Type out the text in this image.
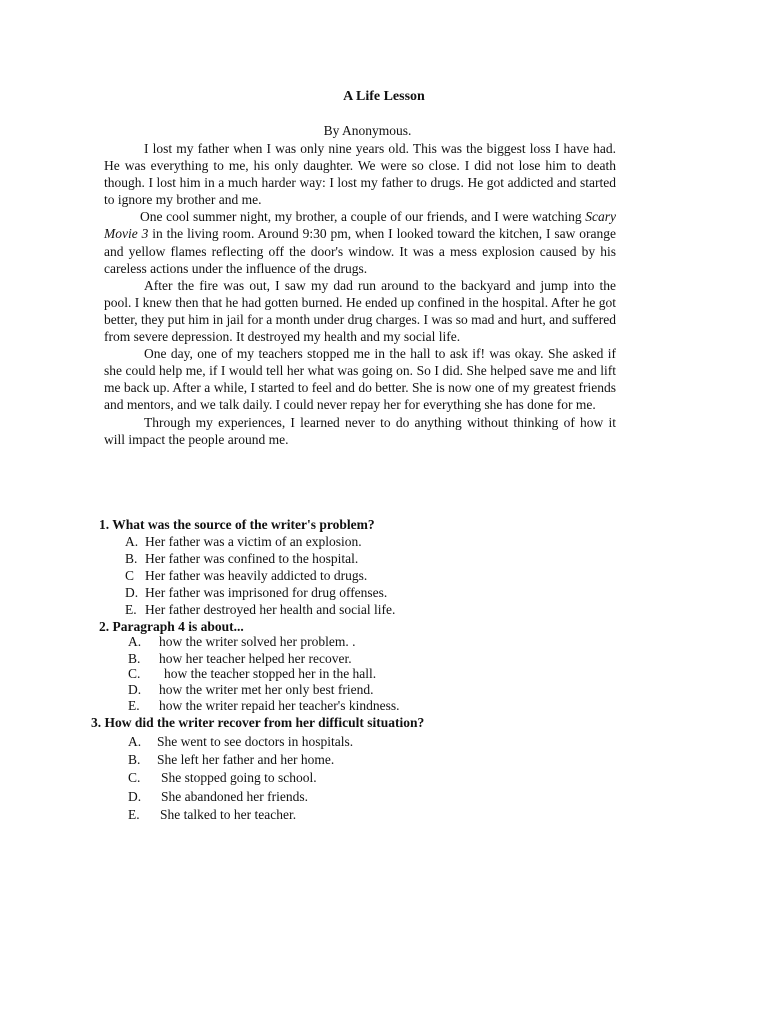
A Life Lesson

By Anonymous.

I lost my father when I was only nine years old. This was the biggest loss I have had. He was everything to me, his only daughter. We were so close. I did not lose him to death though. I lost him in a much harder way: I lost my father to drugs. He got addicted and started to ignore my brother and me.

One cool summer night, my brother, a couple of our friends, and I were watching Scary Movie 3 in the living room. Around 9:30 pm, when I looked toward the kitchen, I saw orange and yellow flames reflecting off the door's window. It was a mess explosion caused by his careless actions under the influence of the drugs.

After the fire was out, I saw my dad run around to the backyard and jump into the pool. I knew then that he had gotten burned. He ended up confined in the hospital. After he got better, they put him in jail for a month under drug charges. I was so mad and hurt, and suffered from severe depression. It destroyed my health and my social life.

One day, one of my teachers stopped me in the hall to ask if! was okay. She asked if she could help me, if I would tell her what was going on. So I did. She helped save me and lift me back up. After a while, I started to feel and do better. She is now one of my greatest friends and mentors, and we talk daily. I could never repay her for everything she has done for me.

Through my experiences, I learned never to do anything without thinking of how it will impact the people around me.

1. What was the source of the writer's problem?

A. Her father was a victim of an explosion.

B. Her father was confined to the hospital.

C Her father was heavily addicted to drugs.

D. Her father was imprisoned for drug offenses.

E. Her father destroyed her health and social life.

2. Paragraph 4 is about...

A. how the writer solved her problem. .

B. how her teacher helped her recover.

C. how the teacher stopped her in the hall.

D. how the writer met her only best friend.

E. how the writer repaid her teacher's kindness.

3. How did the writer recover from her difficult situation?

A. She went to see doctors in hospitals.

B. She left her father and her home.

C. She stopped going to school.

D. She abandoned her friends.

E. She talked to her teacher.
